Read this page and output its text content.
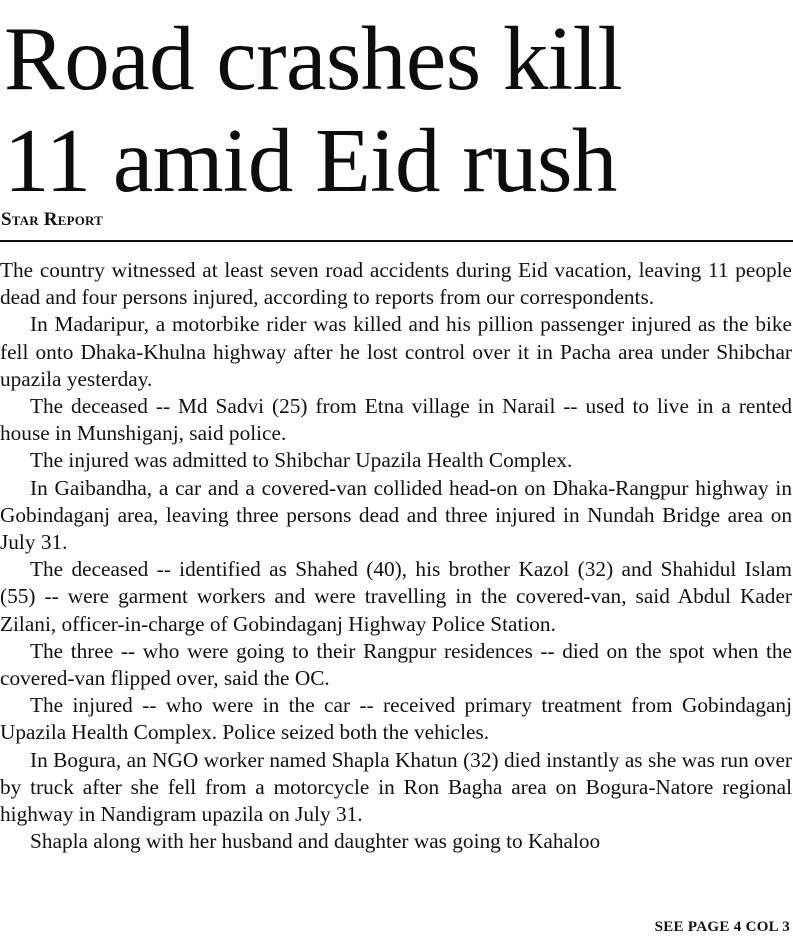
Road crashes kill
11 amid Eid rush
Star Report

The country witnessed at least seven road accidents during Eid vacation, leaving 11 people dead and four persons injured, according to reports from our correspondents.

In Madaripur, a motorbike rider was killed and his pillion passenger injured as the bike fell onto Dhaka-Khulna highway after he lost control over it in Pacha area under Shibchar upazila yesterday.

The deceased -- Md Sadvi (25) from Etna village in Narail -- used to live in a rented house in Munshiganj, said police.

The injured was admitted to Shibchar Upazila Health Complex.

In Gaibandha, a car and a covered-van collided head-on on Dhaka-Rangpur highway in Gobindaganj area, leaving three persons dead and three injured in Nundah Bridge area on July 31.

The deceased -- identified as Shahed (40), his brother Kazol (32) and Shahidul Islam (55) -- were garment workers and were travelling in the covered-van, said Abdul Kader Zilani, officer-in-charge of Gobindaganj Highway Police Station.

The three -- who were going to their Rangpur residences -- died on the spot when the covered-van flipped over, said the OC.

The injured -- who were in the car -- received primary treatment from Gobindaganj Upazila Health Complex. Police seized both the vehicles.

In Bogura, an NGO worker named Shapla Khatun (32) died instantly as she was run over by truck after she fell from a motorcycle in Ron Bagha area on Bogura-Natore regional highway in Nandigram upazila on July 31.

Shapla along with her husband and daughter was going to Kahaloo

SEE PAGE 4 COL 3
